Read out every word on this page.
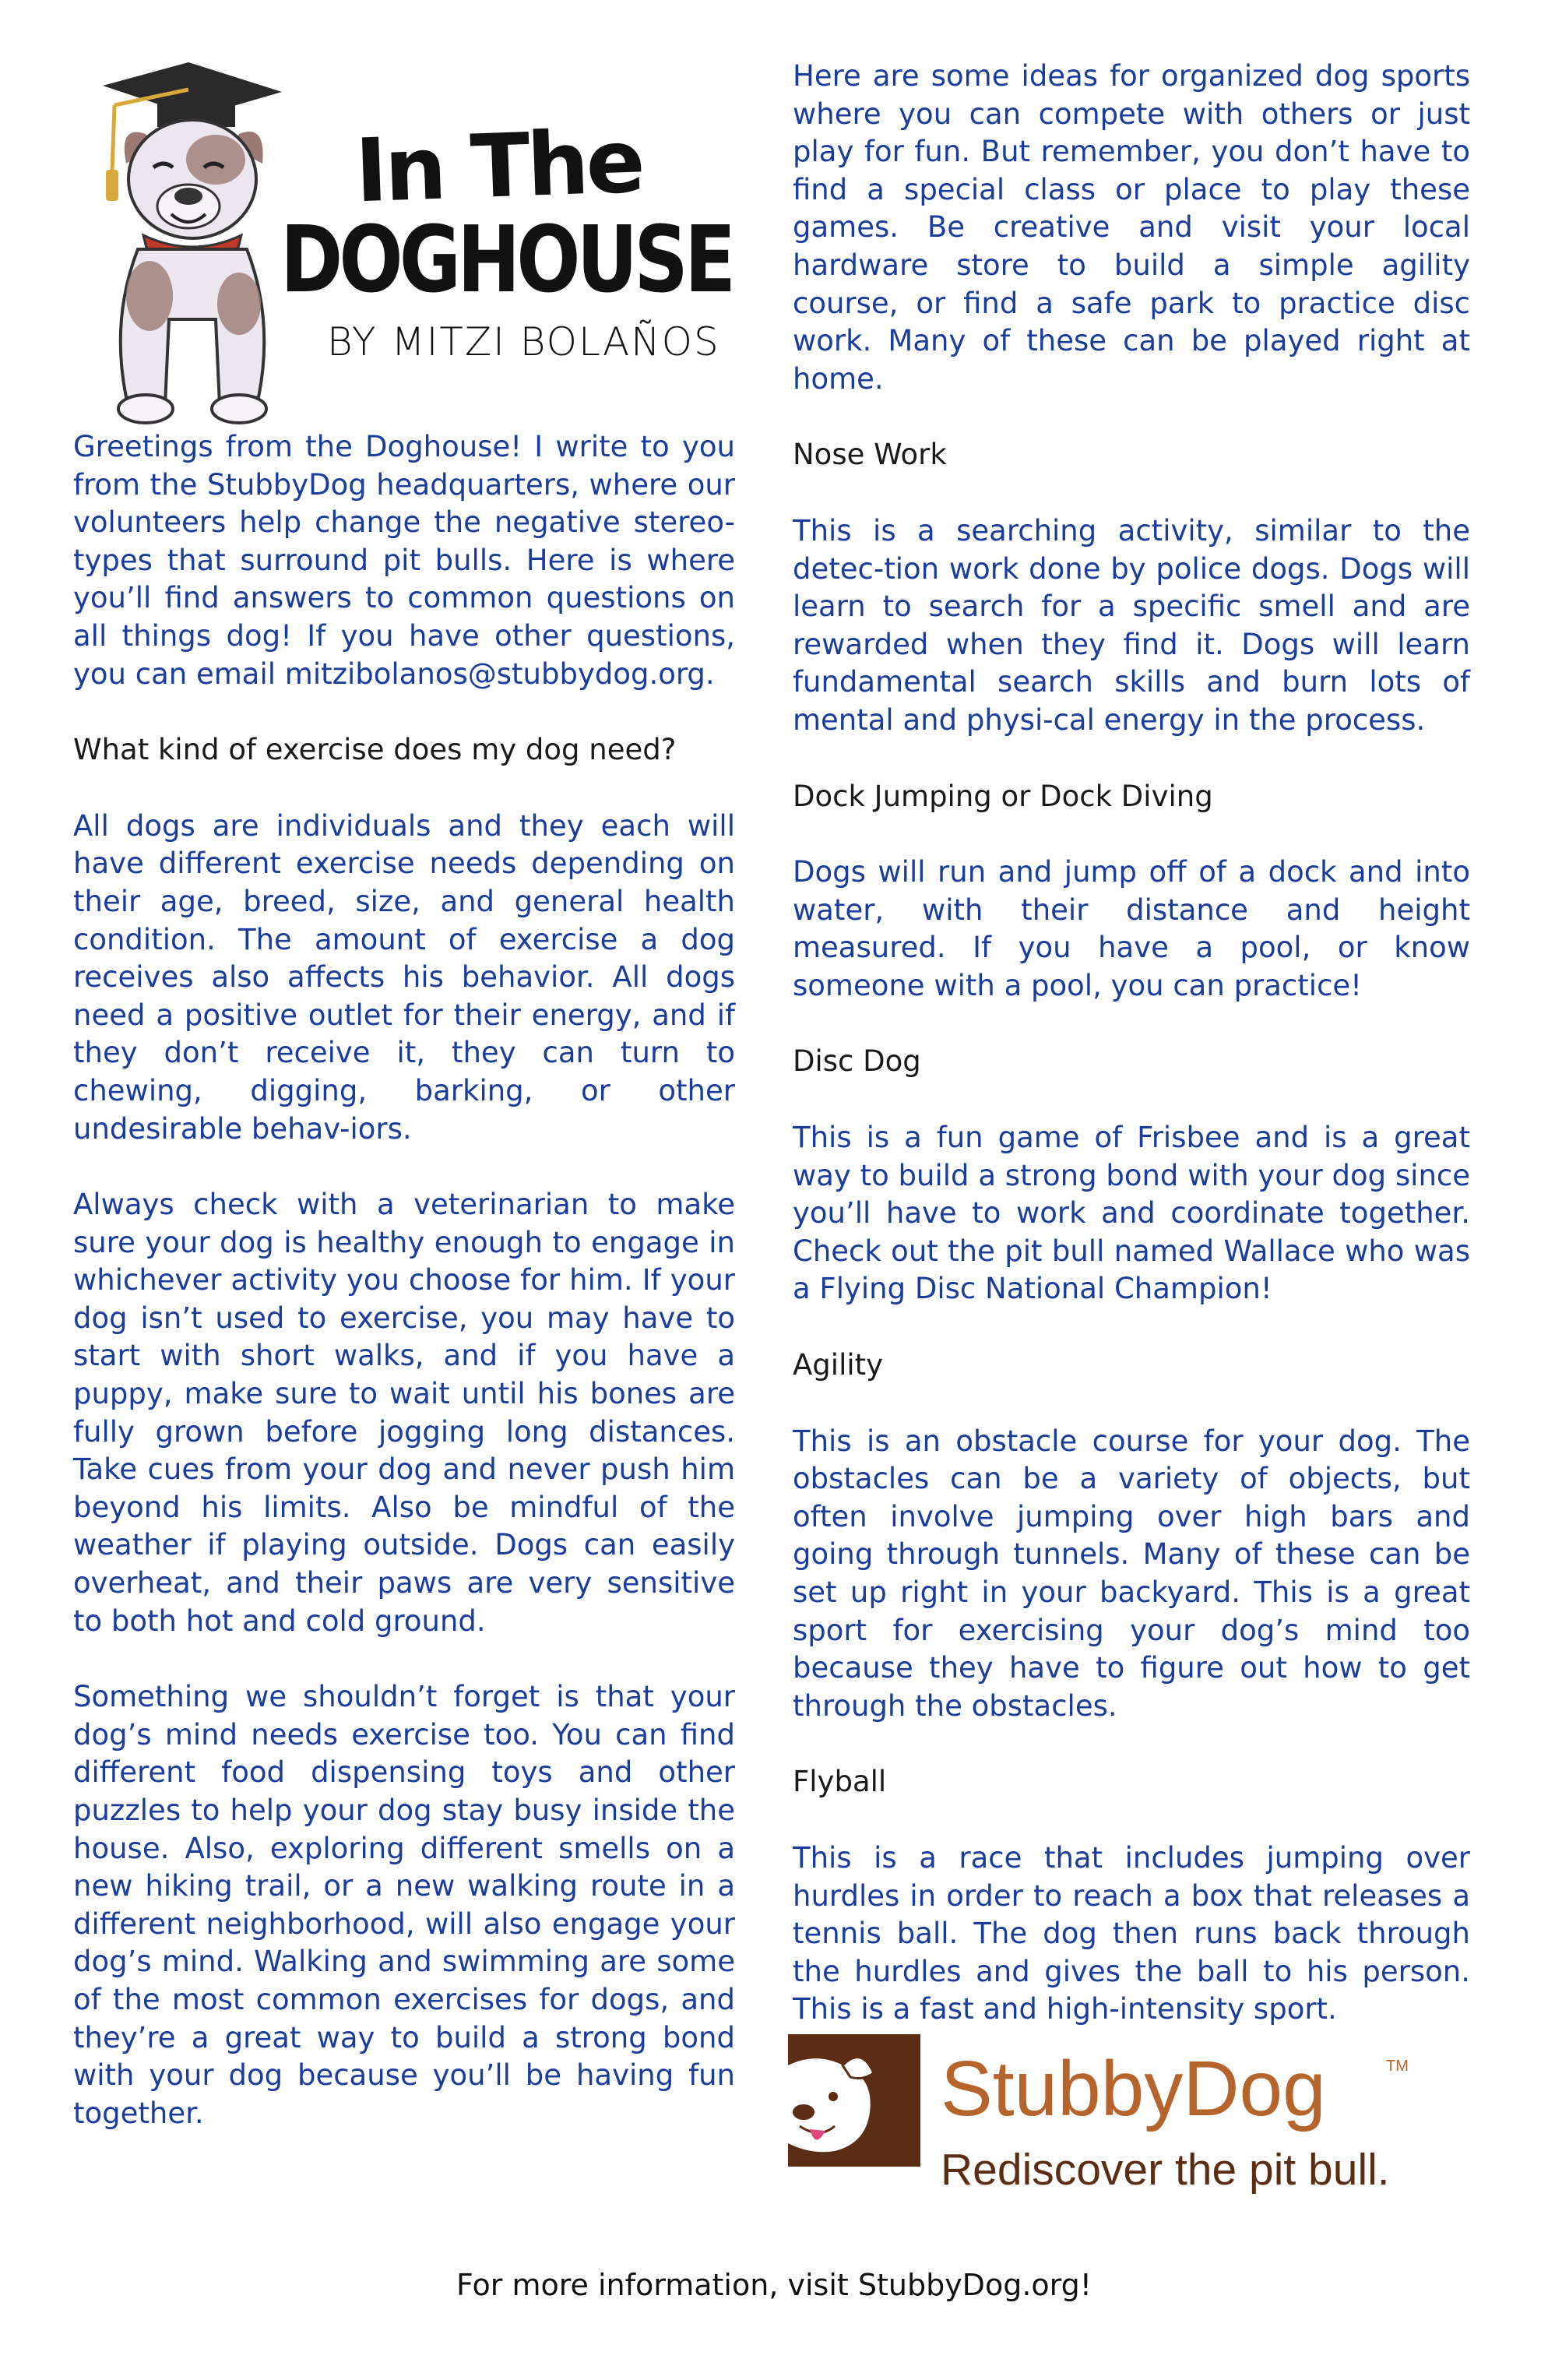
In The
DOGHOUSE
BY MITZI BOLAÑOS

Greetings from the Doghouse! I write to you from the StubbyDog headquarters, where our volunteers help change the negative stereo-types that surround pit bulls. Here is where you’ll find answers to common questions on all things dog! If you have other questions, you can email mitzibolanos@stubbydog.org.

What kind of exercise does my dog need?

All dogs are individuals and they each will have different exercise needs depending on their age, breed, size, and general health condition. The amount of exercise a dog receives also affects his behavior. All dogs need a positive outlet for their energy, and if they don’t receive it, they can turn to chewing, digging, barking, or other undesirable behav-iors.

Always check with a veterinarian to make sure your dog is healthy enough to engage in whichever activity you choose for him. If your dog isn’t used to exercise, you may have to start with short walks, and if you have a puppy, make sure to wait until his bones are fully grown before jogging long distances. Take cues from your dog and never push him beyond his limits. Also be mindful of the weather if playing outside. Dogs can easily overheat, and their paws are very sensitive to both hot and cold ground.

Something we shouldn’t forget is that your dog’s mind needs exercise too. You can find different food dispensing toys and other puzzles to help your dog stay busy inside the house. Also, exploring different smells on a new hiking trail, or a new walking route in a different neighborhood, will also engage your dog’s mind. Walking and swimming are some of the most common exercises for dogs, and they’re a great way to build a strong bond with your dog because you’ll be having fun together.

Here are some ideas for organized dog sports where you can compete with others or just play for fun. But remember, you don’t have to find a special class or place to play these games. Be creative and visit your local hardware store to build a simple agility course, or find a safe park to practice disc work. Many of these can be played right at home.

Nose Work

This is a searching activity, similar to the detec-tion work done by police dogs. Dogs will learn to search for a specific smell and are rewarded when they find it. Dogs will learn fundamental search skills and burn lots of mental and physi-cal energy in the process.

Dock Jumping or Dock Diving

Dogs will run and jump off of a dock and into water, with their distance and height measured. If you have a pool, or know someone with a pool, you can practice!

Disc Dog

This is a fun game of Frisbee and is a great way to build a strong bond with your dog since you’ll have to work and coordinate together. Check out the pit bull named Wallace who was a Flying Disc National Champion!

Agility

This is an obstacle course for your dog. The obstacles can be a variety of objects, but often involve jumping over high bars and going through tunnels. Many of these can be set up right in your backyard. This is a great sport for exercising your dog’s mind too because they have to figure out how to get through the obstacles.

Flyball

This is a race that includes jumping over hurdles in order to reach a box that releases a tennis ball. The dog then runs back through the hurdles and gives the ball to his person. This is a fast and high-intensity sport.

StubbyDog	TM
Rediscover the pit bull.
For more information, visit StubbyDog.org!
